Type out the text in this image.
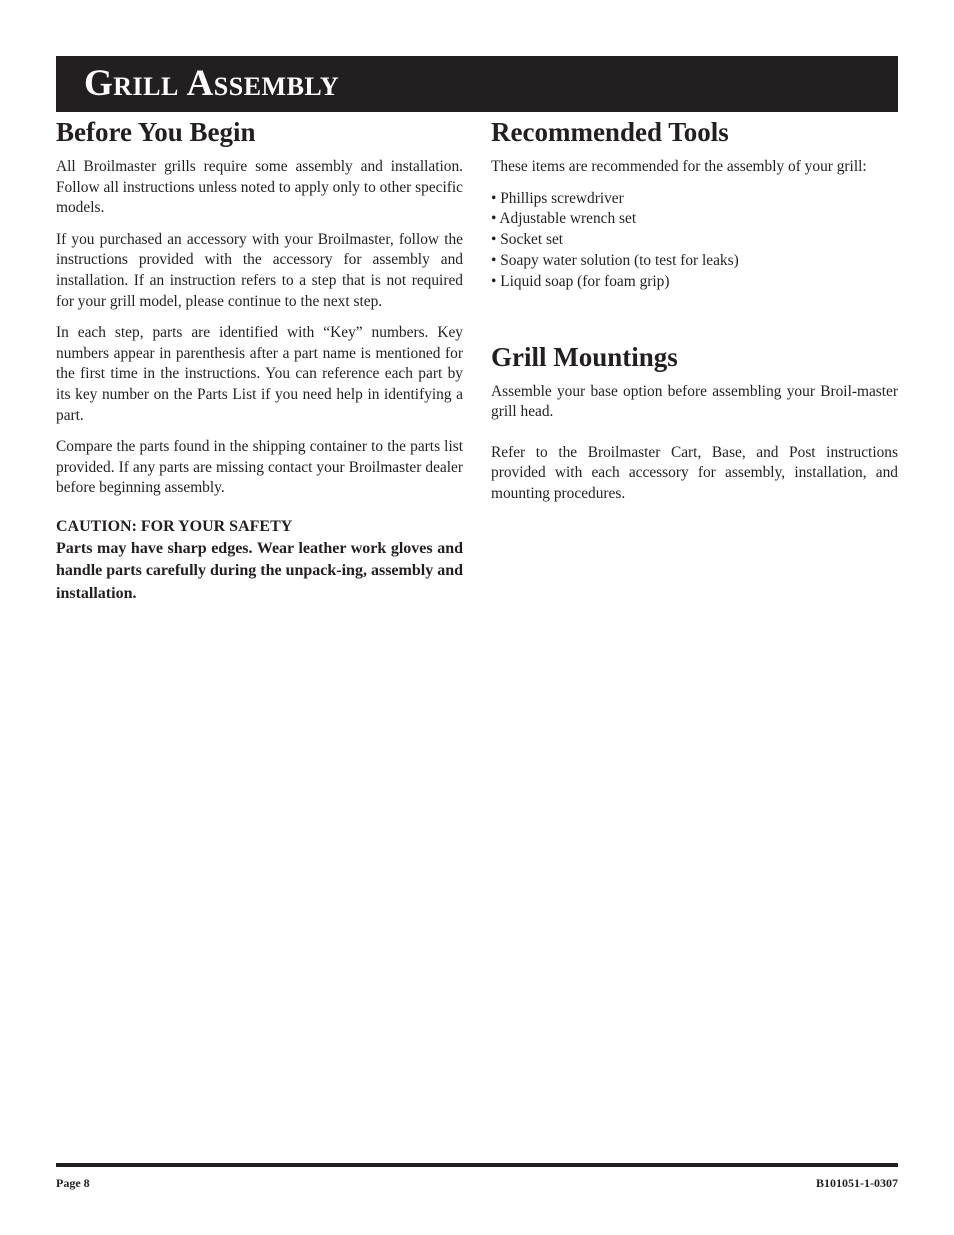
Grill Assembly
Before You Begin

All Broilmaster grills require some assembly and installation. Follow all instructions unless noted to apply only to other specific models.

If you purchased an accessory with your Broilmaster, follow the instructions provided with the accessory for assembly and installation. If an instruction refers to a step that is not required for your grill model, please continue to the next step.

In each step, parts are identified with “Key” numbers. Key numbers appear in parenthesis after a part name is mentioned for the first time in the instructions. You can reference each part by its key number on the Parts List if you need help in identifying a part.

Compare the parts found in the shipping container to the parts list provided. If any parts are missing contact your Broilmaster dealer before beginning assembly.

CAUTION: FOR YOUR SAFETY
Parts may have sharp edges. Wear leather work gloves and handle parts carefully during the unpack-ing, assembly and installation.
Recommended Tools

These items are recommended for the assembly of your grill:

• Phillips screwdriver
• Adjustable wrench set
• Socket set
• Soapy water solution (to test for leaks)
• Liquid soap (for foam grip)
Grill Mountings

Assemble your base option before assembling your Broil-master grill head.

Refer to the Broilmaster Cart, Base, and Post instructions provided with each accessory for assembly, installation, and mounting procedures.

Page 8	B101051-1-0307
